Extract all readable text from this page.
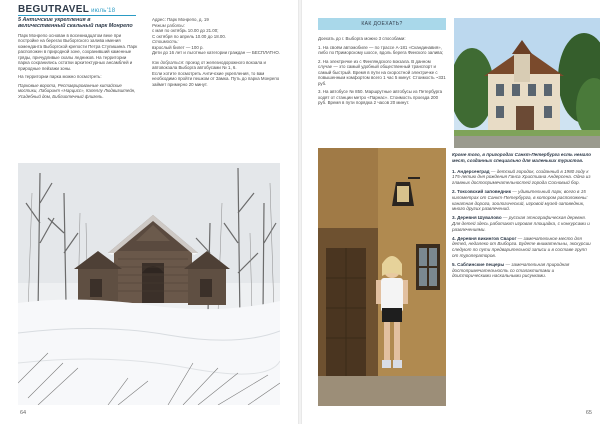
BEGUTRAVEL июль'18

5 Античские укрепления в величественный скальный парк Монрепо

Парк Монрепо основан в восемнадцатом веке при постройке на берегах Выборгского залива имения коменданта Выборгской крепости Петра Ступишина. Парк расположен в природной зоне, сохранивший каменные гряды, причудливые скалы ледников. На территории парка сохранились остатки архитектурных ансамблей и природные пейзажи зоны.

На территории парка можно посмотреть:

Парковые ворота, Реставрированные китайские мостики, Лабиринт «Нарцисс», Капеллу Людвигштейн, Усадебный дом, Библиотечный флигель.

Адрес: Парк Монрепо, д. 19

Режим работы:

с мая по октябрь 10.00 до 21.00;

С октября по апрель 10.00 до 18.00.

Стоимость:

взрослый билет — 100 р.

Дети до 16 лет и льготные категории граждан — БЕСПЛАТНО.

Как добраться: проезд от железнодорожного вокзала и автовокзала Выборга автобусами № 1, 6.

Если хотите посмотреть Античские укрепления, то вам необходимо пройти пешком от Замка. Путь до парка Монрепо займет примерно 20 минут.

64
КАК ДОЕХАТЬ?

Доехать до г. Выборга можно 3 способами:

1. На своём автомобиле — по трассе А-181 «Скандинавия», либо по Приморскому шоссе, вдоль берега Финского залива;

2. На электричке из с Финляндского вокзала. В данном случае — это самый удобный общественный транспорт и самый быстрый. Время в пути на скоростной электричке с повышенным комфортом всего 1 час 5 минут. Стоимость ~331 руб.

3. На автобусе № 850. Маршрутные автобусы из Петербурга ходят от станции метро «Парнас». Стоимость проезда 200 руб. Время в пути порядка 2 часов 20 минут.

Кроме того, в пригородах Санкт-Петербурга есть немало мест, созданных специально для маленьких туристов.

1. Андерсенград — детский городок, созданный в 1980 году к 175-летию дня рождения Ганса Христиана Андерсена. Одна из главных достопримечательностей города Сосновый бор.

2. Токсовский заповедник — удивительный парк, всего в 15 километрах от Санкт-Петербурга, в котором расположены: канатная дорога, зоологический, игровой музей-заповедник, много других развлечений.

3. Деревня Шувалово — русская этнографическая деревня. Для детей здесь работают игровая площадка, с конкурсами и развлечениями.

4. Деревня викингов Сварог — замечательное место для детей, недалеко от Выборга. Будете внимательны, экскурсии следуют по пути предварительной записи и в составе групп от туроператоров.

5. Саблинские пещеры — замечательная природная достопримечательность со сталактитами и доисторическими наскальными рисунками.

65
